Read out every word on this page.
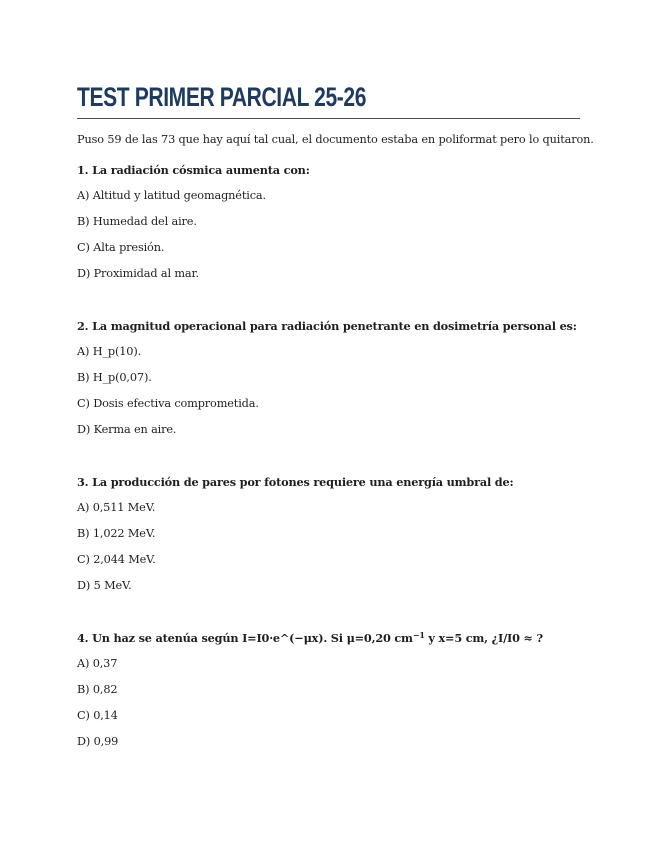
TEST PRIMER PARCIAL 25-26
Puso 59 de las 73 que hay aquí tal cual, el documento estaba en poliformat pero lo quitaron.
1. La radiación cósmica aumenta con:
A) Altitud y latitud geomagnética.
B) Humedad del aire.
C) Alta presión.
D) Proximidad al mar.
2. La magnitud operacional para radiación penetrante en dosimetría personal es:
A) H_p(10).
B) H_p(0,07).
C) Dosis efectiva comprometida.
D) Kerma en aire.
3. La producción de pares por fotones requiere una energía umbral de:
A) 0,511 MeV.
B) 1,022 MeV.
C) 2,044 MeV.
D) 5 MeV.
4. Un haz se atenúa según I=I0·e^(−μx). Si μ=0,20 $cm^{-1}$ y x=5 cm, ¿I/I0 ≈ ?
A) 0,37
B) 0,82
C) 0,14
D) 0,99
